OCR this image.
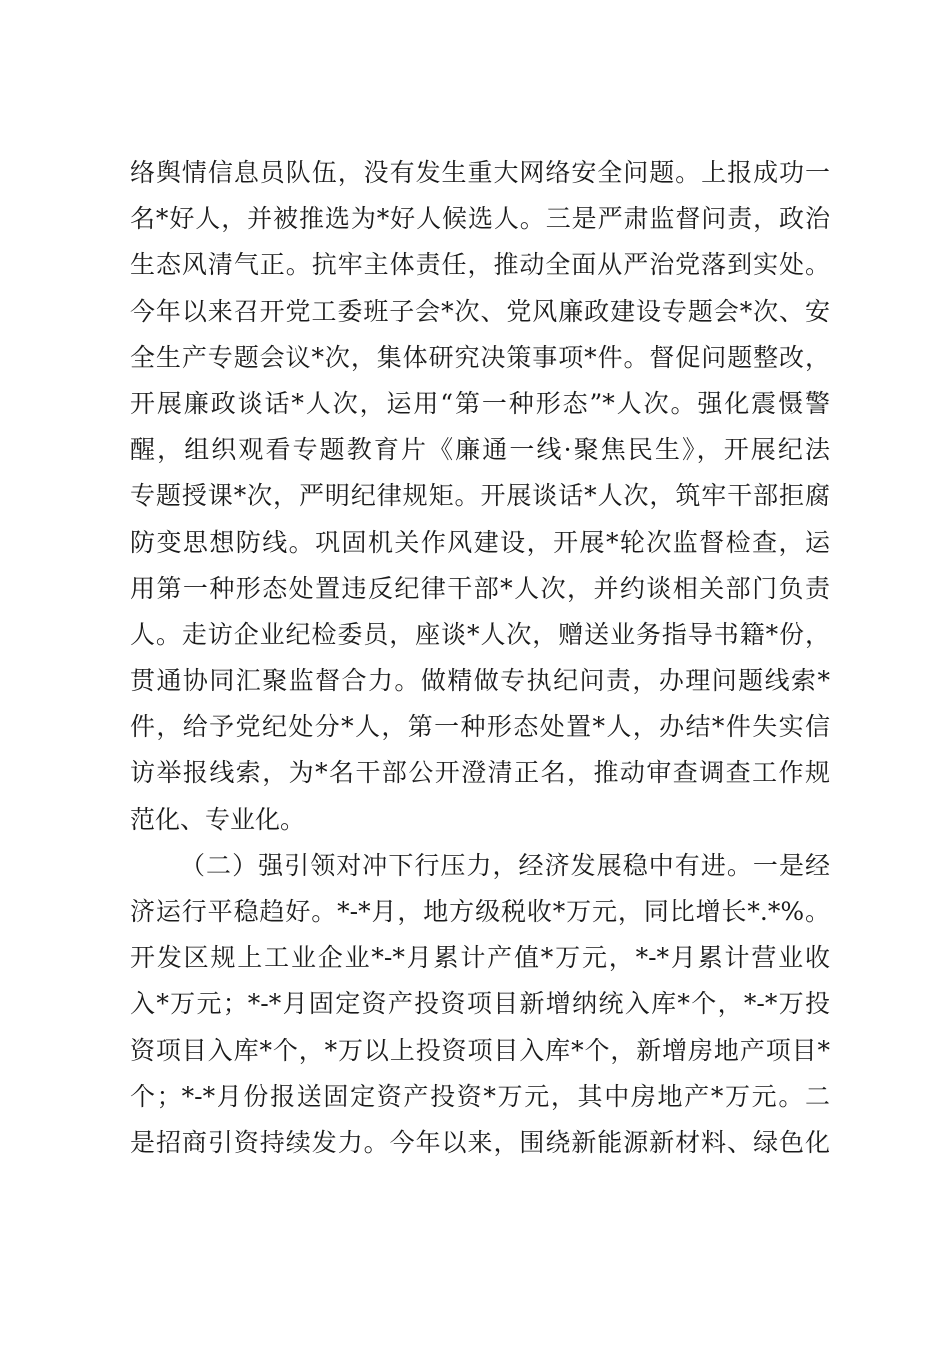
络舆情信息员队伍，没有发生重大网络安全问题。上报成功一
名*好人，并被推选为*好人候选人。三是严肃监督问责，政治
生态风清气正。抗牢主体责任，推动全面从严治党落到实处。
今年以来召开党工委班子会*次、党风廉政建设专题会*次、安
全生产专题会议*次，集体研究决策事项*件。督促问题整改，
开展廉政谈话*人次，运用“第一种形态”*人次。强化震慑警
醒，组织观看专题教育片《廉通一线·聚焦民生》，开展纪法
专题授课*次，严明纪律规矩。开展谈话*人次，筑牢干部拒腐
防变思想防线。巩固机关作风建设，开展*轮次监督检查，运
用第一种形态处置违反纪律干部*人次，并约谈相关部门负责
人。走访企业纪检委员，座谈*人次，赠送业务指导书籍*份，
贯通协同汇聚监督合力。做精做专执纪问责，办理问题线索*
件，给予党纪处分*人，第一种形态处置*人，办结*件失实信
访举报线索，为*名干部公开澄清正名，推动审查调查工作规
范化、专业化。
（二）强引领对冲下行压力，经济发展稳中有进。一是经
济运行平稳趋好。*-*月，地方级税收*万元，同比增长*.*%。
开发区规上工业企业*-*月累计产值*万元，*-*月累计营业收
入*万元；*-*月固定资产投资项目新增纳统入库*个，*-*万投
资项目入库*个，*万以上投资项目入库*个，新增房地产项目*
个；*-*月份报送固定资产投资*万元，其中房地产*万元。二
是招商引资持续发力。今年以来，围绕新能源新材料、绿色化
